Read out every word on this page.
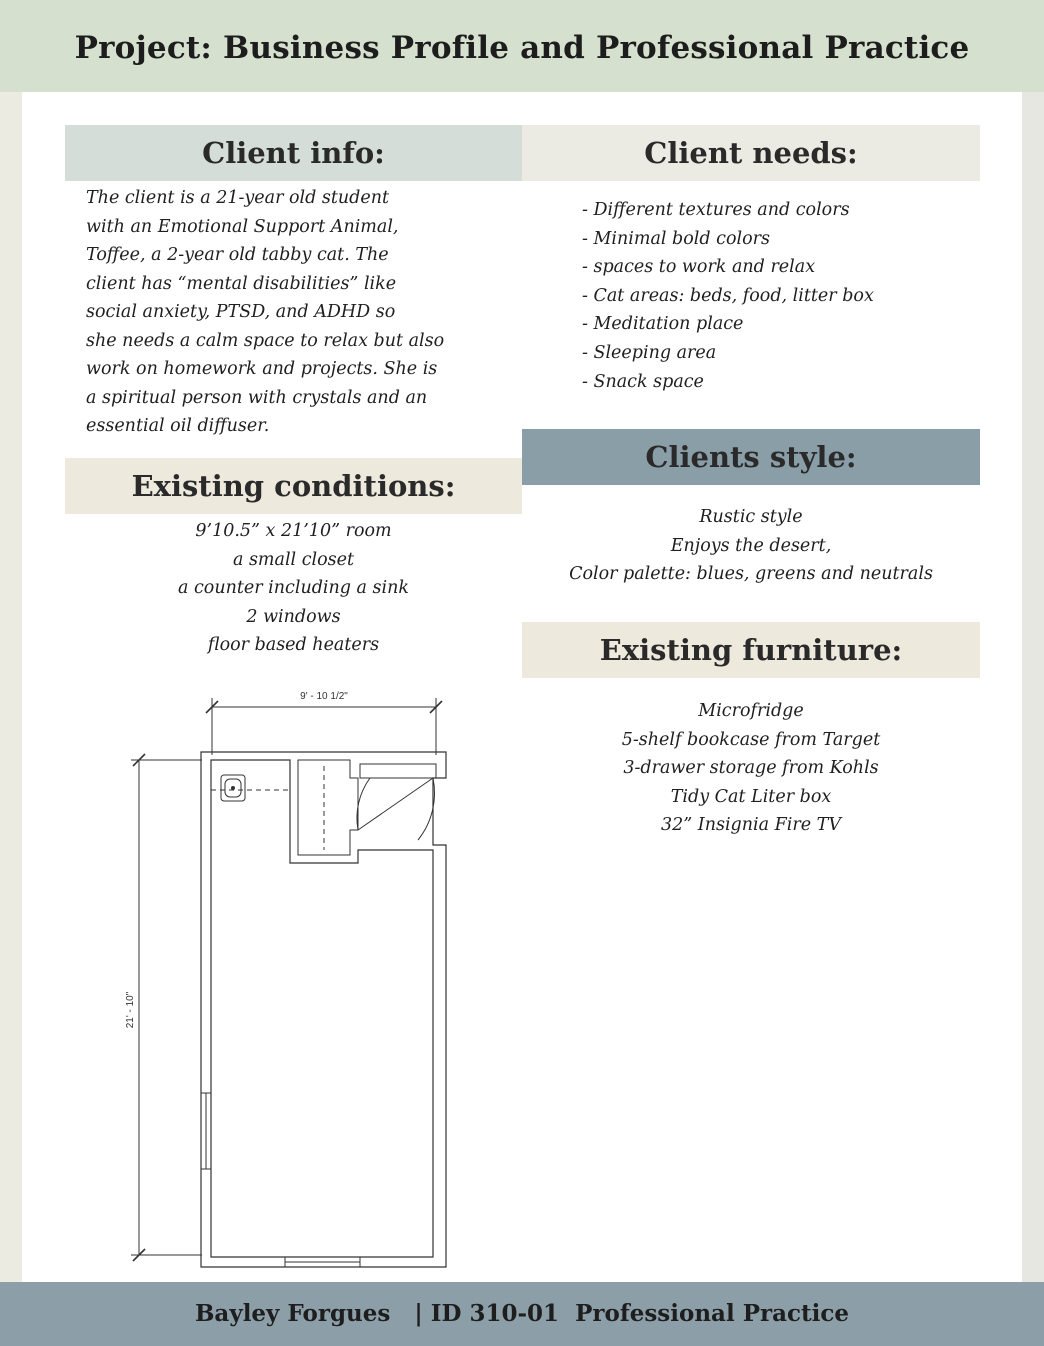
Project: Business Profile and Professional Practice
Client info:
The client is a 21-year old student
with an Emotional Support Animal,
Toffee, a 2-year old tabby cat. The
client has “mental disabilities” like
social anxiety, PTSD, and ADHD so
she needs a calm space to relax but also
work on homework and projects. She is
a spiritual person with crystals and an
essential oil diffuser.
Client needs:
- Different textures and colors
- Minimal bold colors
- spaces to work and relax
- Cat areas: beds, food, litter box
- Meditation place
- Sleeping area
- Snack space
Existing conditions:
9’10.5” x 21’10” room
a small closet
a counter including a sink
2 windows
floor based heaters
Clients style:
Rustic style
Enjoys the desert,
Color palette: blues, greens and neutrals
Existing furniture:
Microfridge
5-shelf bookcase from Target
3-drawer storage from Kohls
Tidy Cat Liter box
32” Insignia Fire TV
9' - 10 1/2"
21' - 10"
Bayley Forgues | ID 310-01  Professional Practice
